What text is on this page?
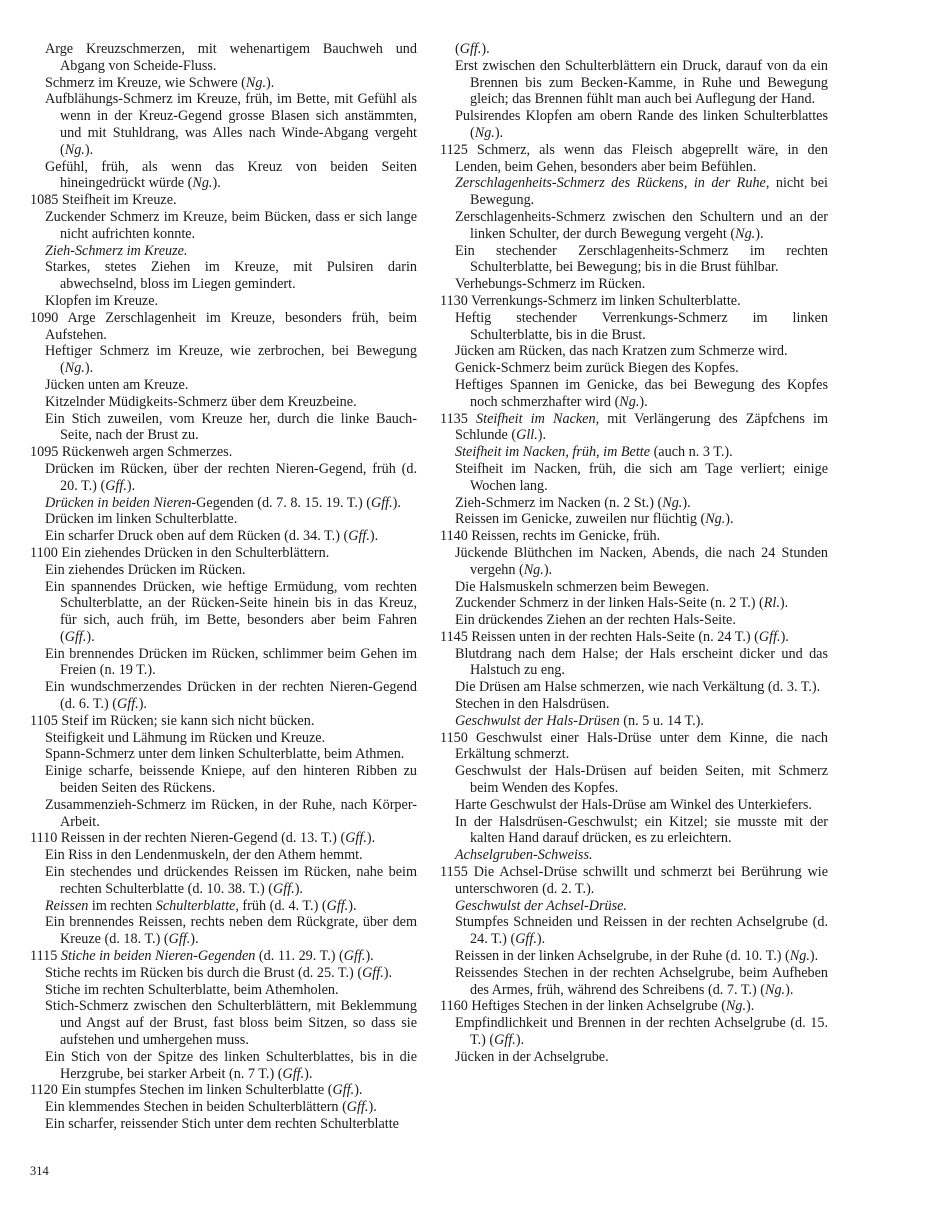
Arge Kreuzschmerzen, mit wehenartigem Bauchweh und Abgang von Scheide-Fluss.
Schmerz im Kreuze, wie Schwere (Ng.).
Aufblähungs-Schmerz im Kreuze, früh, im Bette, mit Gefühl als wenn in der Kreuz-Gegend grosse Blasen sich anstämmten, und mit Stuhldrang, was Alles nach Winde-Abgang vergeht (Ng.).
Gefühl, früh, als wenn das Kreuz von beiden Seiten hineingedrückt würde (Ng.).
1085 Steifheit im Kreuze.
Zuckender Schmerz im Kreuze, beim Bücken, dass er sich lange nicht aufrichten konnte.
Zieh-Schmerz im Kreuze.
Starkes, stetes Ziehen im Kreuze, mit Pulsiren darin abwechselnd, bloss im Liegen gemindert.
Klopfen im Kreuze.
1090 Arge Zerschlagenheit im Kreuze, besonders früh, beim Aufstehen.
Heftiger Schmerz im Kreuze, wie zerbrochen, bei Bewegung (Ng.).
Jücken unten am Kreuze.
Kitzelnder Müdigkeits-Schmerz über dem Kreuzbeine.
Ein Stich zuweilen, vom Kreuze her, durch die linke Bauch-Seite, nach der Brust zu.
1095 Rückenweh argen Schmerzes.
Drücken im Rücken, über der rechten Nieren-Gegend, früh (d. 20. T.) (Gff.).
Drücken in beiden Nieren-Gegenden (d. 7. 8. 15. 19. T.) (Gff.).
Drücken im linken Schulterblatte.
Ein scharfer Druck oben auf dem Rücken (d. 34. T.) (Gff.).
1100 Ein ziehendes Drücken in den Schulterblättern.
Ein ziehendes Drücken im Rücken.
Ein spannendes Drücken, wie heftige Ermüdung, vom rechten Schulterblatte, an der Rücken-Seite hinein bis in das Kreuz, für sich, auch früh, im Bette, besonders aber beim Fahren (Gff.).
Ein brennendes Drücken im Rücken, schlimmer beim Gehen im Freien (n. 19 T.).
Ein wundschmerzendes Drücken in der rechten Nieren-Gegend (d. 6. T.) (Gff.).
1105 Steif im Rücken; sie kann sich nicht bücken.
Steifigkeit und Lähmung im Rücken und Kreuze.
Spann-Schmerz unter dem linken Schulterblatte, beim Athmen.
Einige scharfe, beissende Kniepe, auf den hinteren Ribben zu beiden Seiten des Rückens.
Zusammenzieh-Schmerz im Rücken, in der Ruhe, nach Körper-Arbeit.
1110 Reissen in der rechten Nieren-Gegend (d. 13. T.) (Gff.).
Ein Riss in den Lendenmuskeln, der den Athem hemmt.
Ein stechendes und drückendes Reissen im Rücken, nahe beim rechten Schulterblatte (d. 10. 38. T.) (Gff.).
Reissen im rechten Schulterblatte, früh (d. 4. T.) (Gff.).
Ein brennendes Reissen, rechts neben dem Rückgrate, über dem Kreuze (d. 18. T.) (Gff.).
1115 Stiche in beiden Nieren-Gegenden (d. 11. 29. T.) (Gff.).
Stiche rechts im Rücken bis durch die Brust (d. 25. T.) (Gff.).
Stiche im rechten Schulterblatte, beim Athemholen.
Stich-Schmerz zwischen den Schulterblättern, mit Beklemmung und Angst auf der Brust, fast bloss beim Sitzen, so dass sie aufstehen und umhergehen muss.
Ein Stich von der Spitze des linken Schulterblattes, bis in die Herzgrube, bei starker Arbeit (n. 7 T.) (Gff.).
1120 Ein stumpfes Stechen im linken Schulterblatte (Gff.).
Ein klemmendes Stechen in beiden Schulterblättern (Gff.).
Ein scharfer, reissender Stich unter dem rechten Schulterblatte
(Gff.).
Erst zwischen den Schulterblättern ein Druck, darauf von da ein Brennen bis zum Becken-Kamme, in Ruhe und Bewegung gleich; das Brennen fühlt man auch bei Auflegung der Hand.
Pulsirendes Klopfen am obern Rande des linken Schulterblattes (Ng.).
1125 Schmerz, als wenn das Fleisch abgeprellt wäre, in den Lenden, beim Gehen, besonders aber beim Befühlen.
Zerschlagenheits-Schmerz des Rückens, in der Ruhe, nicht bei Bewegung.
Zerschlagenheits-Schmerz zwischen den Schultern und an der linken Schulter, der durch Bewegung vergeht (Ng.).
Ein stechender Zerschlagenheits-Schmerz im rechten Schulterblatte, bei Bewegung; bis in die Brust fühlbar.
Verhebungs-Schmerz im Rücken.
1130 Verrenkungs-Schmerz im linken Schulterblatte.
Heftig stechender Verrenkungs-Schmerz im linken Schulterblatte, bis in die Brust.
Jücken am Rücken, das nach Kratzen zum Schmerze wird.
Genick-Schmerz beim zurück Biegen des Kopfes.
Heftiges Spannen im Genicke, das bei Bewegung des Kopfes noch schmerzhafter wird (Ng.).
1135 Steifheit im Nacken, mit Verlängerung des Zäpfchens im Schlunde (Gll.).
Steifheit im Nacken, früh, im Bette (auch n. 3 T.).
Steifheit im Nacken, früh, die sich am Tage verliert; einige Wochen lang.
Zieh-Schmerz im Nacken (n. 2 St.) (Ng.).
Reissen im Genicke, zuweilen nur flüchtig (Ng.).
1140 Reissen, rechts im Genicke, früh.
Jückende Blüthchen im Nacken, Abends, die nach 24 Stunden vergehn (Ng.).
Die Halsmuskeln schmerzen beim Bewegen.
Zuckender Schmerz in der linken Hals-Seite (n. 2 T.) (Rl.).
Ein drückendes Ziehen an der rechten Hals-Seite.
1145 Reissen unten in der rechten Hals-Seite (n. 24 T.) (Gff.).
Blutdrang nach dem Halse; der Hals erscheint dicker und das Halstuch zu eng.
Die Drüsen am Halse schmerzen, wie nach Verkältung (d. 3. T.).
Stechen in den Halsdrüsen.
Geschwulst der Hals-Drüsen (n. 5 u. 14 T.).
1150 Geschwulst einer Hals-Drüse unter dem Kinne, die nach Erkältung schmerzt.
Geschwulst der Hals-Drüsen auf beiden Seiten, mit Schmerz beim Wenden des Kopfes.
Harte Geschwulst der Hals-Drüse am Winkel des Unterkiefers.
In der Halsdrüsen-Geschwulst; ein Kitzel; sie musste mit der kalten Hand darauf drücken, es zu erleichtern.
Achselgruben-Schweiss.
1155 Die Achsel-Drüse schwillt und schmerzt bei Berührung wie unterschworen (d. 2. T.).
Geschwulst der Achsel-Drüse.
Stumpfes Schneiden und Reissen in der rechten Achselgrube (d. 24. T.) (Gff.).
Reissen in der linken Achselgrube, in der Ruhe (d. 10. T.) (Ng.).
Reissendes Stechen in der rechten Achselgrube, beim Aufheben des Armes, früh, während des Schreibens (d. 7. T.) (Ng.).
1160 Heftiges Stechen in der linken Achselgrube (Ng.).
Empfindlichkeit und Brennen in der rechten Achselgrube (d. 15. T.) (Gff.).
Jücken in der Achselgrube.
314
